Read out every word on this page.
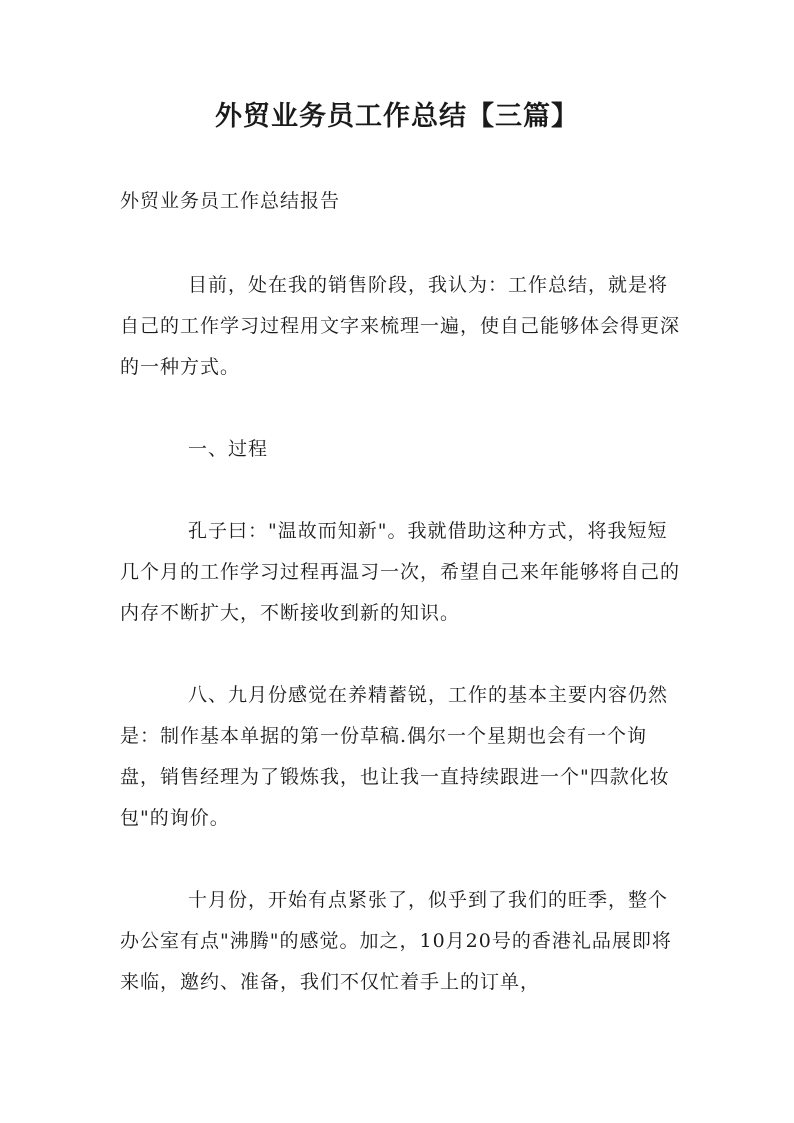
外贸业务员工作总结【三篇】
外贸业务员工作总结报告

目前，处在我的销售阶段，我认为：工作总结，就是将自己的工作学习过程用文字来梳理一遍，使自己能够体会得更深的一种方式。

一、过程

孔子曰："温故而知新"。我就借助这种方式，将我短短几个月的工作学习过程再温习一次，希望自己来年能够将自己的内存不断扩大，不断接收到新的知识。

八、九月份感觉在养精蓄锐，工作的基本主要内容仍然是：制作基本单据的第一份草稿.偶尔一个星期也会有一个询盘，销售经理为了锻炼我，也让我一直持续跟进一个"四款化妆包"的询价。

十月份，开始有点紧张了，似乎到了我们的旺季，整个办公室有点"沸腾"的感觉。加之，10月20号的香港礼品展即将来临，邀约、准备，我们不仅忙着手上的订单，
